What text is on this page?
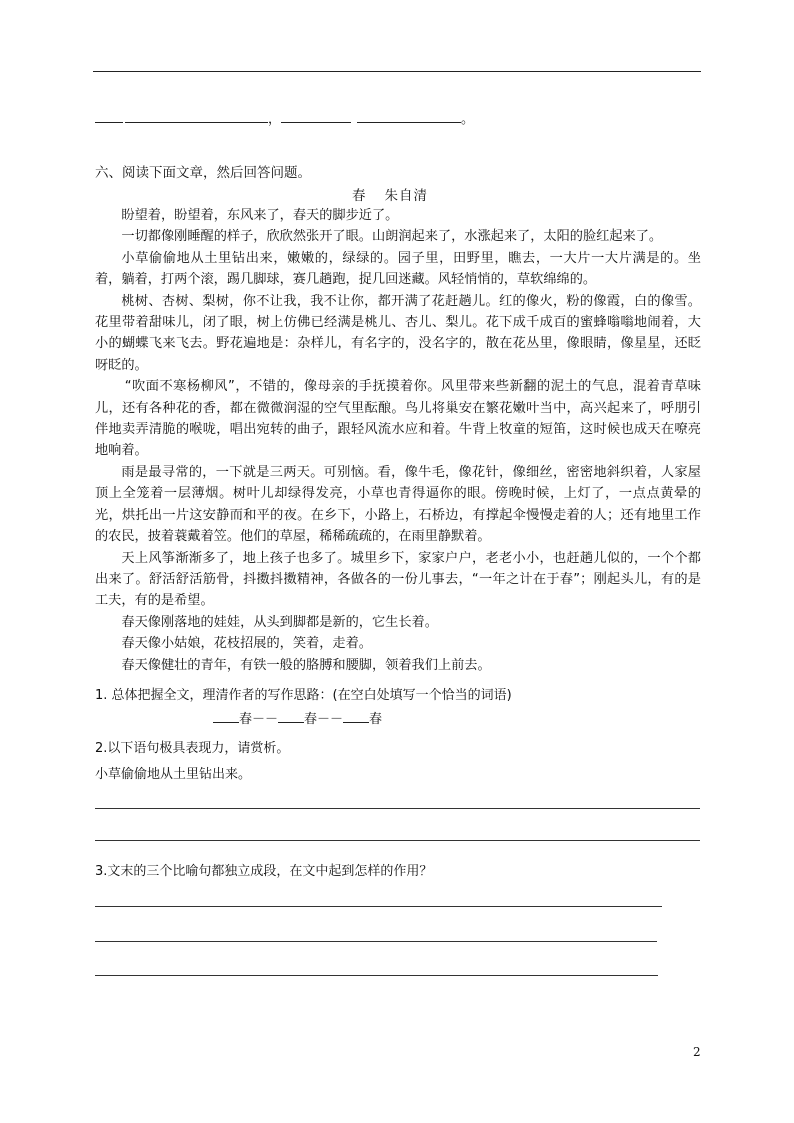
，	。
六、阅读下面文章，然后回答问题。
春 朱自清

盼望着，盼望着，东风来了，春天的脚步近了。

一切都像刚睡醒的样子，欣欣然张开了眼。山朗润起来了，水涨起来了，太阳的脸红起来了。

小草偷偷地从土里钻出来，嫩嫩的，绿绿的。园子里，田野里，瞧去，一大片一大片满是的。坐着，躺着，打两个滚，踢几脚球，赛几趟跑，捉几回迷藏。风轻悄悄的，草软绵绵的。

桃树、杏树、梨树，你不让我，我不让你，都开满了花赶趟儿。红的像火，粉的像霞，白的像雪。花里带着甜味儿，闭了眼，树上仿佛已经满是桃儿、杏儿、梨儿。花下成千成百的蜜蜂嗡嗡地闹着，大小的蝴蝶飞来飞去。野花遍地是：杂样儿，有名字的，没名字的，散在花丛里，像眼睛，像星星，还眨呀眨的。

“吹面不寒杨柳风”，不错的，像母亲的手抚摸着你。风里带来些新翻的泥土的气息，混着青草味儿，还有各种花的香，都在微微润湿的空气里酝酿。鸟儿将巢安在繁花嫩叶当中，高兴起来了，呼朋引伴地卖弄清脆的喉咙，唱出宛转的曲子，跟轻风流水应和着。牛背上牧童的短笛，这时候也成天在嘹亮地响着。

雨是最寻常的，一下就是三两天。可别恼。看，像牛毛，像花针，像细丝，密密地斜织着，人家屋顶上全笼着一层薄烟。树叶儿却绿得发亮，小草也青得逼你的眼。傍晚时候，上灯了，一点点黄晕的光，烘托出一片这安静而和平的夜。在乡下，小路上，石桥边，有撑起伞慢慢走着的人；还有地里工作的农民，披着蓑戴着笠。他们的草屋，稀稀疏疏的，在雨里静默着。

天上风筝渐渐多了，地上孩子也多了。城里乡下，家家户户，老老小小，也赶趟儿似的，一个个都出来了。舒活舒活筋骨，抖擞抖擞精神，各做各的一份儿事去，“一年之计在于春”；刚起头儿，有的是工夫，有的是希望。

春天像刚落地的娃娃，从头到脚都是新的，它生长着。

春天像小姑娘，花枝招展的，笑着，走着。

春天像健壮的青年，有铁一般的胳膊和腰脚，领着我们上前去。

1. 总体把握全文，理清作者的写作思路：(在空白处填写一个恰当的词语)
春－－ 春－－ 春
2.以下语句极具表现力，请赏析。
小草偷偷地从土里钻出来。
3.文末的三个比喻句都独立成段，在文中起到怎样的作用？
2
